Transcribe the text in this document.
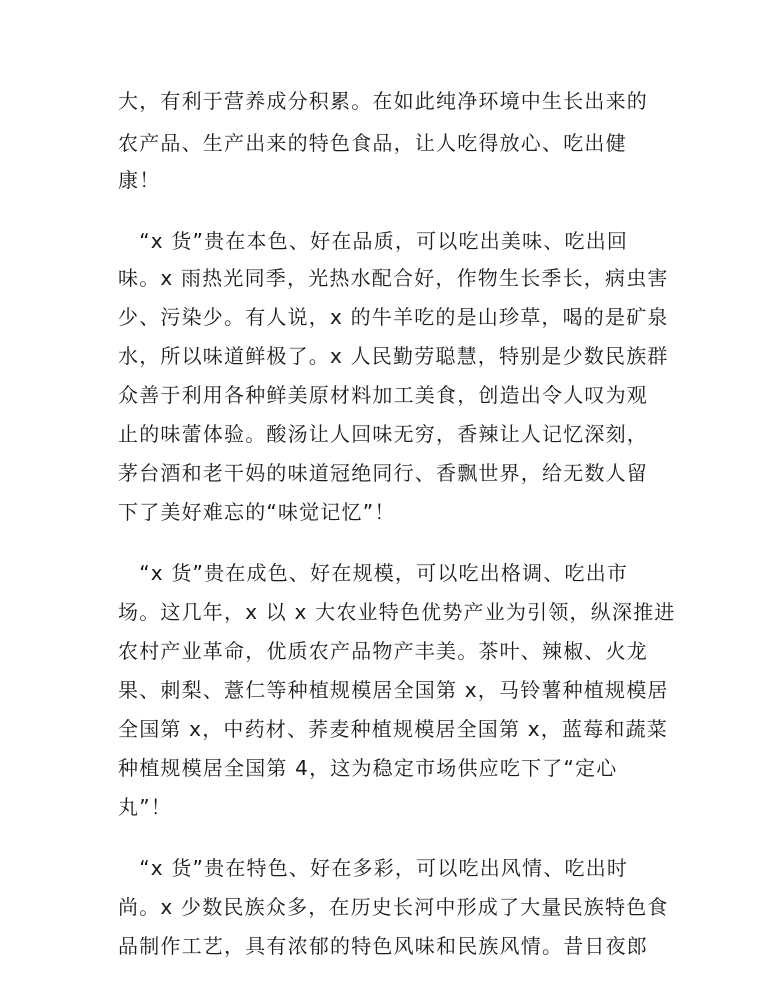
大，有利于营养成分积累。在如此纯净环境中生长出来的
农产品、生产出来的特色食品，让人吃得放心、吃出健
康！
　“x 货”贵在本色、好在品质，可以吃出美味、吃出回
味。x 雨热光同季，光热水配合好，作物生长季长，病虫害
少、污染少。有人说，x 的牛羊吃的是山珍草，喝的是矿泉
水，所以味道鲜极了。x 人民勤劳聪慧，特别是少数民族群
众善于利用各种鲜美原材料加工美食，创造出令人叹为观
止的味蕾体验。酸汤让人回味无穷，香辣让人记忆深刻，
茅台酒和老干妈的味道冠绝同行、香飘世界，给无数人留
下了美好难忘的“味觉记忆”！
　“x 货”贵在成色、好在规模，可以吃出格调、吃出市
场。这几年，x 以 x 大农业特色优势产业为引领，纵深推进
农村产业革命，优质农产品物产丰美。茶叶、辣椒、火龙
果、刺梨、薏仁等种植规模居全国第 x，马铃薯种植规模居
全国第 x，中药材、荞麦种植规模居全国第 x，蓝莓和蔬菜
种植规模居全国第 4，这为稳定市场供应吃下了“定心
丸”！
　“x 货”贵在特色、好在多彩，可以吃出风情、吃出时
尚。x 少数民族众多，在历史长河中形成了大量民族特色食
品制作工艺，具有浓郁的特色风味和民族风情。昔日夜郎
